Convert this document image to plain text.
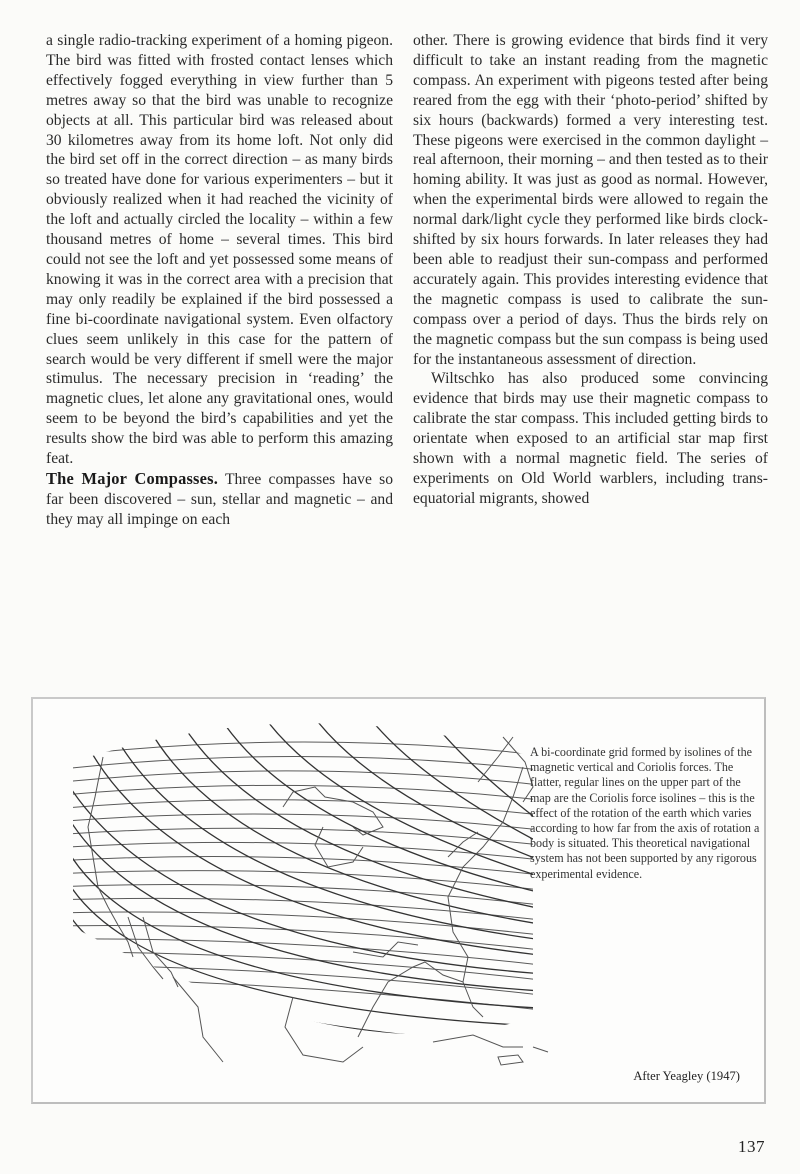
a single radio-tracking experiment of a homing pigeon. The bird was fitted with frosted contact lenses which effectively fogged everything in view further than 5 metres away so that the bird was unable to recognize objects at all. This particular bird was released about 30 kilometres away from its home loft. Not only did the bird set off in the correct direction – as many birds so treated have done for various experimenters – but it obviously realized when it had reached the vicinity of the loft and actually circled the locality – within a few thousand metres of home – several times. This bird could not see the loft and yet possessed some means of knowing it was in the correct area with a precision that may only readily be explained if the bird possessed a fine bi-coordinate navigational system. Even olfactory clues seem unlikely in this case for the pattern of search would be very different if smell were the major stimulus. The necessary precision in ‘reading’ the magnetic clues, let alone any gravitational ones, would seem to be beyond the bird’s capabilities and yet the results show the bird was able to perform this amazing feat.

The Major Compasses. Three compasses have so far been discovered – sun, stellar and magnetic – and they may all impinge on each

other. There is growing evidence that birds find it very difficult to take an instant reading from the magnetic compass. An experiment with pigeons tested after being reared from the egg with their ‘photo-period’ shifted by six hours (backwards) formed a very interesting test. These pigeons were exercised in the common daylight – real afternoon, their morning – and then tested as to their homing ability. It was just as good as normal. However, when the experimental birds were allowed to regain the normal dark/light cycle they performed like birds clock-shifted by six hours forwards. In later releases they had been able to readjust their sun-compass and performed accurately again. This provides interesting evidence that the magnetic compass is used to calibrate the sun-compass over a period of days. Thus the birds rely on the magnetic compass but the sun compass is being used for the instantaneous assessment of direction.

Wiltschko has also produced some convincing evidence that birds may use their magnetic compass to calibrate the star compass. This included getting birds to orientate when exposed to an artificial star map first shown with a normal magnetic field. The series of experiments on Old World warblers, including trans-equatorial migrants, showed

A bi-coordinate grid formed by isolines of the magnetic vertical and Coriolis forces. The flatter, regular lines on the upper part of the map are the Coriolis force isolines – this is the effect of the rotation of the earth which varies according to how far from the axis of rotation a body is situated. This theoretical navigational system has not been supported by any rigorous experimental evidence.
After Yeagley (1947)
137
